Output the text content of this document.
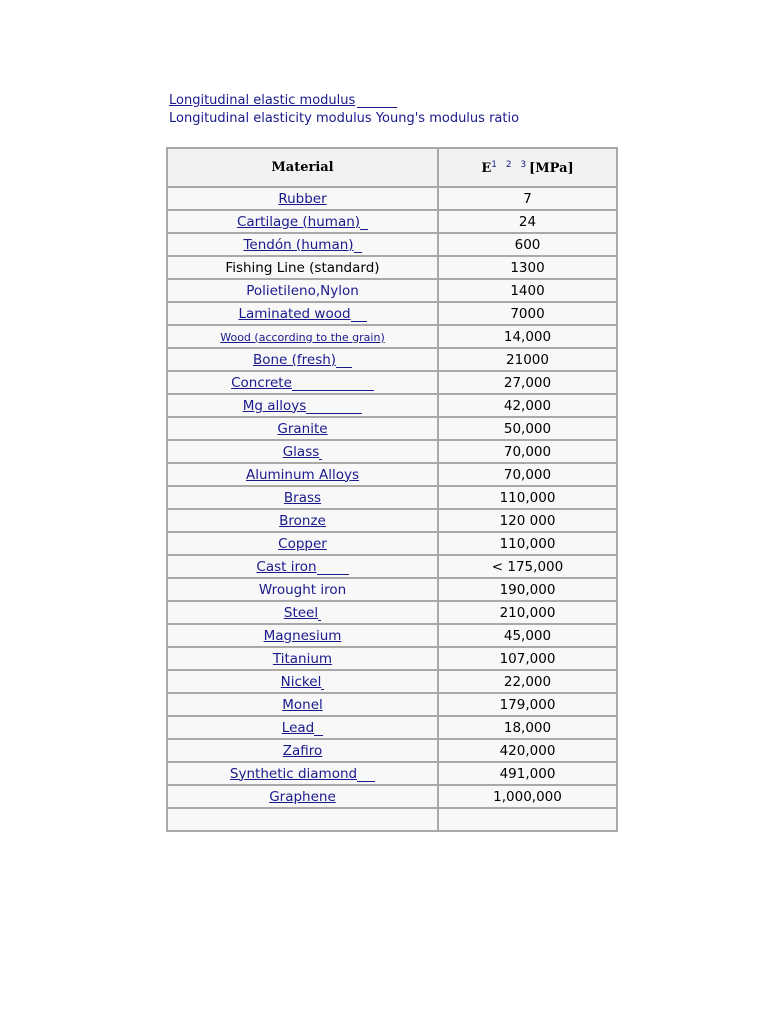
Longitudinal elastic modulus
Longitudinal elasticity modulus Young's modulus ratio
Material	$E^{1 2 3}[MPa]$
Rubber	7
Cartilage (human)	24
Tendón (human)	600
Fishing Line (standard)	1300
Polietileno,Nylon	1400
Laminated wood	7000
Wood (according to the grain)	14,000
Bone (fresh)	21000
Concrete	27,000
Mg alloys	42,000
Granite	50,000
Glass	70,000
Aluminum Alloys	70,000
Brass	110,000
Bronze	120 000
Copper	110,000
Cast iron	< 175,000
Wrought iron	190,000
Steel	210,000
Magnesium	45,000
Titanium	107,000
Nickel	22,000
Monel	179,000
Lead	18,000
Zafiro	420,000
Synthetic diamond	491,000
Graphene	1,000,000
